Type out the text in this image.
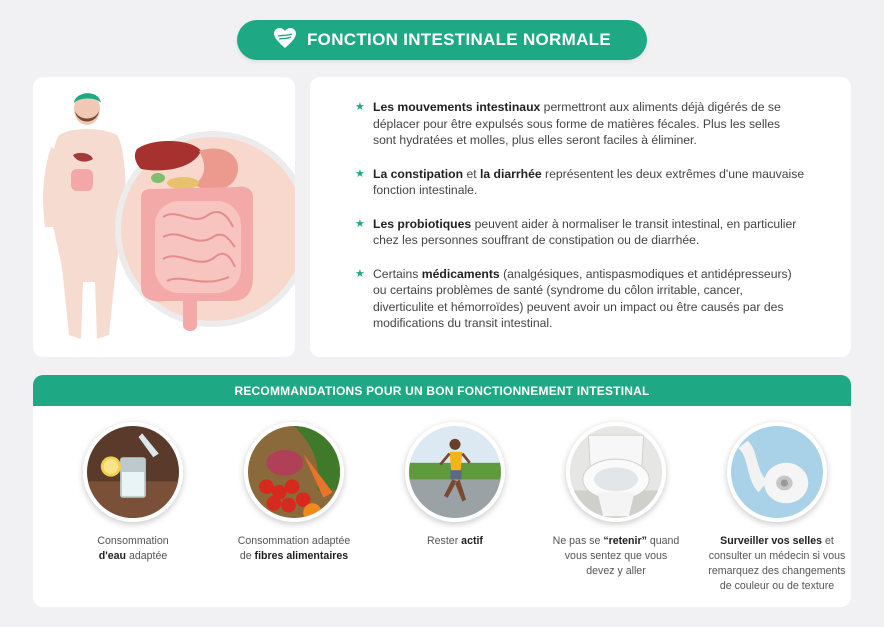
FONCTION INTESTINALE NORMALE
★ Les mouvements intestinaux permettront aux aliments déjà digérés de se déplacer pour être expulsés sous forme de matières fécales. Plus les selles sont hydratées et molles, plus elles seront faciles à éliminer.
★ La constipation et la diarrhée représentent les deux extrêmes d'une mauvaise fonction intestinale.
★ Les probiotiques peuvent aider à normaliser le transit intestinal, en particulier chez les personnes souffrant de constipation ou de diarrhée.
★ Certains médicaments (analgésiques, antispasmodiques et antidépresseurs) ou certains problèmes de santé (syndrome du côlon irritable, cancer, diverticulite et hémorroïdes) peuvent avoir un impact ou être causés par des modifications du transit intestinal.
RECOMMANDATIONS POUR UN BON FONCTIONNEMENT INTESTINAL
Consommation
d'eau adaptée
Consommation adaptée
de fibres alimentaires
Rester actif	Ne pas se “retenir” quand
vous sentez que vous
devez y aller
Surveiller vos selles et
consulter un médecin si vous
remarquez des changements
de couleur ou de texture
